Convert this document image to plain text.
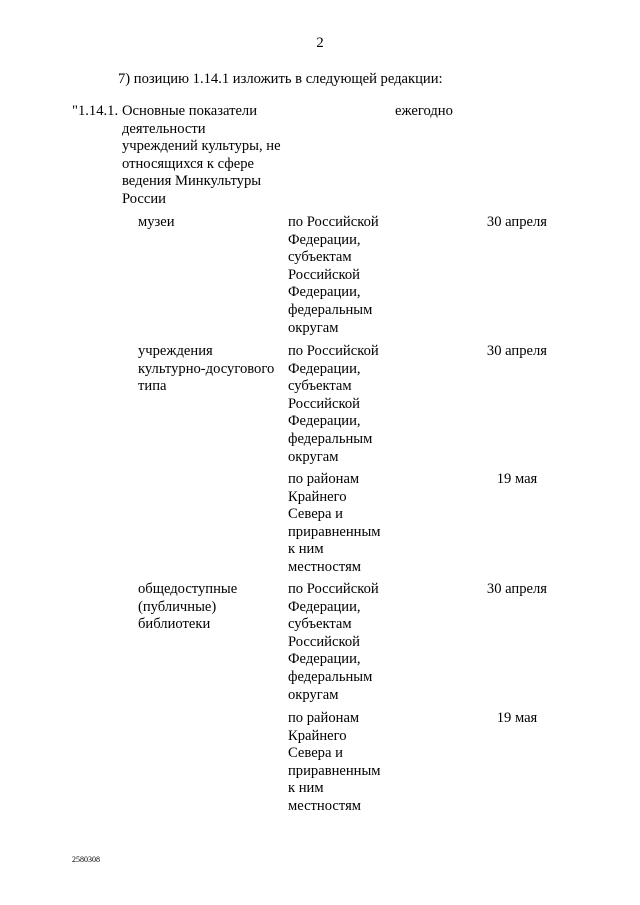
2
7) позицию 1.14.1 изложить в следующей редакции:
"1.14.1. Основные показатели
деятельности
учреждений культуры, не
относящихся к сфере
ведения Минкультуры
России
ежегодно
музеи	по Российской
Федерации,
субъектам
Российской
Федерации,
федеральным
округам
30 апреля
учреждения
культурно-досугового
типа
по Российской
Федерации,
субъектам
Российской
Федерации,
федеральным
округам
30 апреля
по районам
Крайнего
Севера и
приравненным
к ним
местностям
19 мая
общедоступные
(публичные)
библиотеки
по Российской
Федерации,
субъектам
Российской
Федерации,
федеральным
округам
30 апреля
по районам
Крайнего
Севера и
приравненным
к ним
местностям
19 мая
2580308
